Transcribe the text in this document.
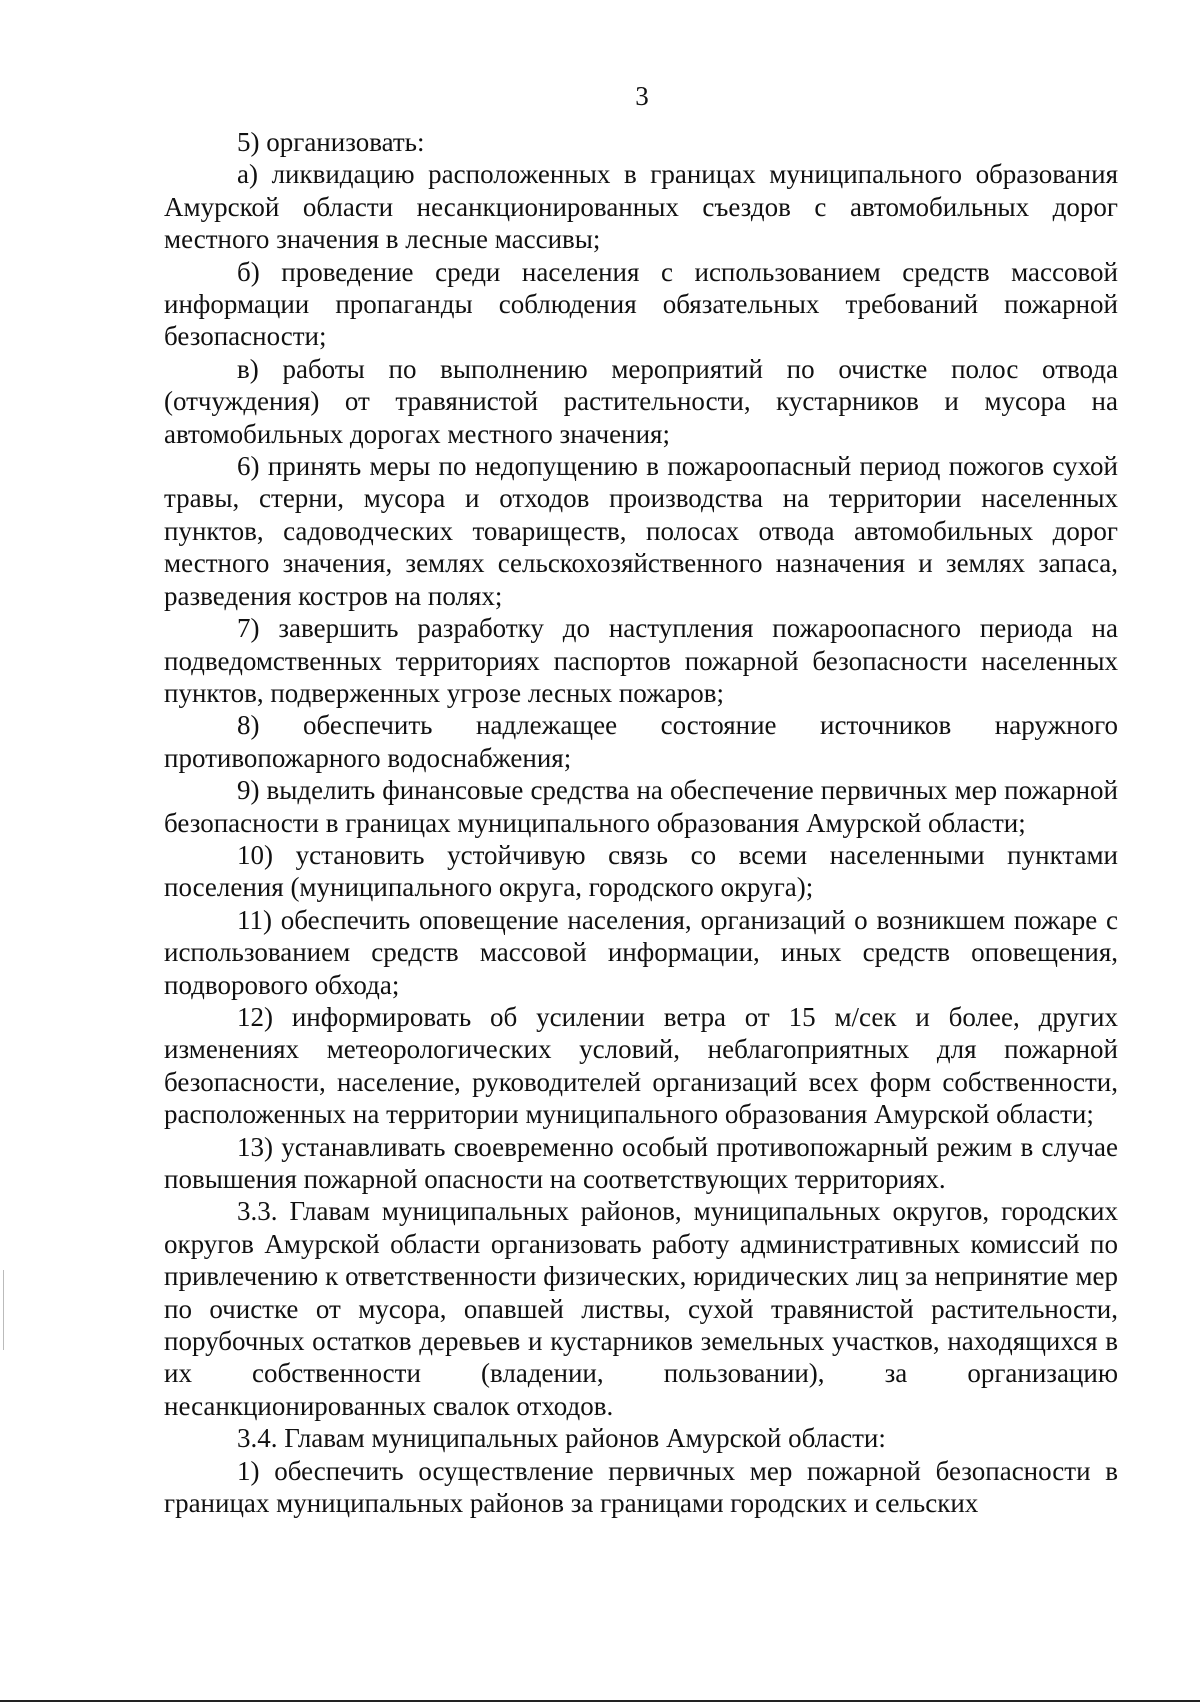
3

5) организовать:

а) ликвидацию расположенных в границах муниципального образования Амурской области несанкционированных съездов с автомобильных дорог местного значения в лесные массивы;

б) проведение среди населения с использованием средств массовой информации пропаганды соблюдения обязательных требований пожарной безопасности;

в) работы по выполнению мероприятий по очистке полос отвода (отчуждения) от травянистой растительности, кустарников и мусора на автомобильных дорогах местного значения;

6) принять меры по недопущению в пожароопасный период пожогов сухой травы, стерни, мусора и отходов производства на территории населенных пунктов, садоводческих товариществ, полосах отвода автомобильных дорог местного значения, землях сельскохозяйственного назначения и землях запаса, разведения костров на полях;

7) завершить разработку до наступления пожароопасного периода на подведомственных территориях паспортов пожарной безопасности населенных пунктов, подверженных угрозе лесных пожаров;

8) обеспечить надлежащее состояние источников наружного противопожарного водоснабжения;

9) выделить финансовые средства на обеспечение первичных мер пожарной безопасности в границах муниципального образования Амурской области;

10) установить устойчивую связь со всеми населенными пунктами поселения (муниципального округа, городского округа);

11) обеспечить оповещение населения, организаций о возникшем пожаре с использованием средств массовой информации, иных средств оповещения, подворового обхода;

12) информировать об усилении ветра от 15 м/сек и более, других изменениях метеорологических условий, неблагоприятных для пожарной безопасности, население, руководителей организаций всех форм собственности, расположенных на территории муниципального образования Амурской области;

13) устанавливать своевременно особый противопожарный режим в случае повышения пожарной опасности на соответствующих территориях.

3.3. Главам муниципальных районов, муниципальных округов, городских округов Амурской области организовать работу административных комиссий по привлечению к ответственности физических, юридических лиц за непринятие мер по очистке от мусора, опавшей листвы, сухой травянистой растительности, порубочных остатков деревьев и кустарников земельных участков, находящихся в их собственности (владении, пользовании), за организацию несанкционированных свалок отходов.

3.4. Главам муниципальных районов Амурской области:

1) обеспечить осуществление первичных мер пожарной безопасности в границах муниципальных районов за границами городских и сельских
